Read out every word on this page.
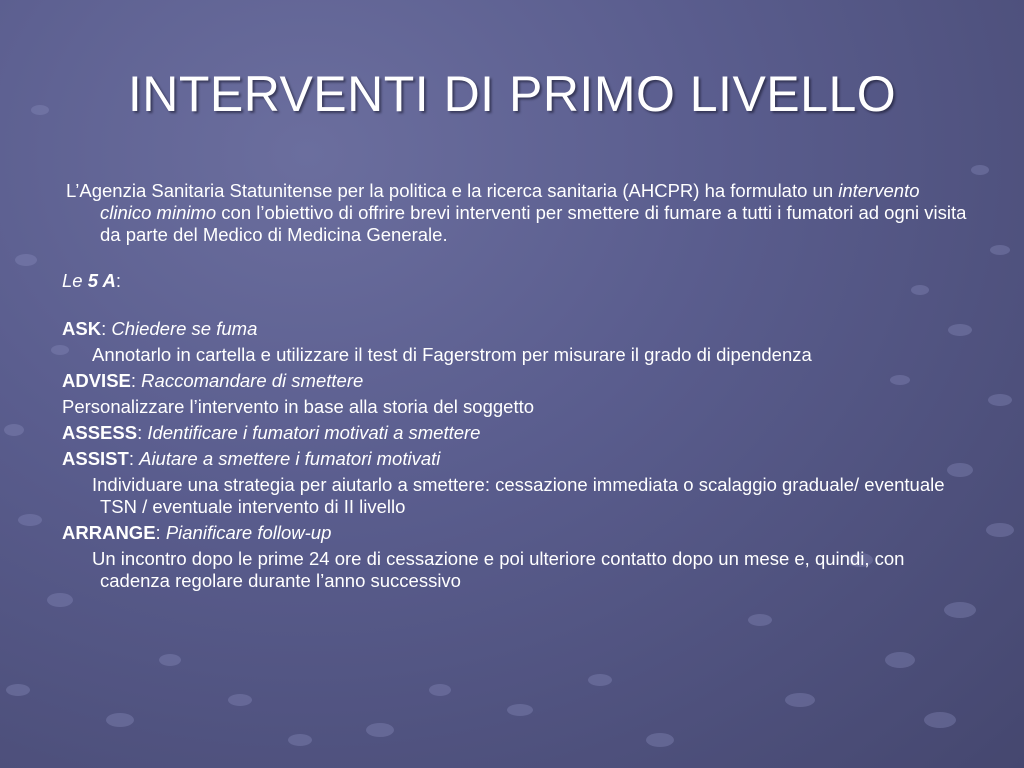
INTERVENTI DI PRIMO LIVELLO

L’Agenzia Sanitaria Statunitense per la politica e la ricerca sanitaria (AHCPR) ha formulato un intervento clinico minimo con l’obiettivo di offrire brevi interventi per smettere di fumare a tutti i fumatori ad ogni visita da parte del Medico di Medicina Generale.

Le 5 A:

ASK: Chiedere se fuma

Annotarlo in cartella e utilizzare il test di Fagerstrom per misurare il grado di dipendenza

ADVISE: Raccomandare di smettere

Personalizzare l’intervento in base alla storia del soggetto

ASSESS: Identificare i fumatori motivati a smettere

ASSIST: Aiutare a smettere i fumatori motivati

Individuare una strategia per aiutarlo a smettere: cessazione immediata o scalaggio graduale/ eventuale TSN / eventuale intervento di II livello

ARRANGE: Pianificare follow-up

Un incontro dopo le prime 24 ore di cessazione e poi ulteriore contatto dopo un mese e, quindi, con cadenza regolare durante l’anno successivo
